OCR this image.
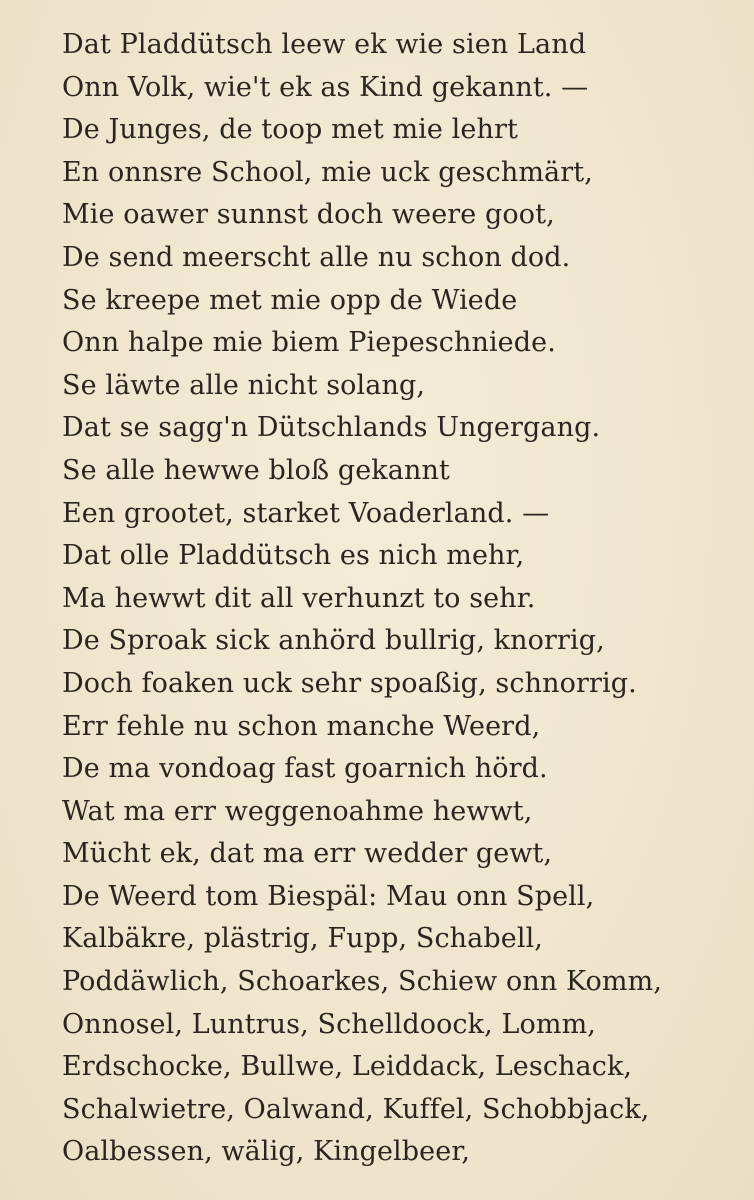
Dat Pladdütsch leew ek wie sien Land
Onn Volk, wie't ek as Kind gekannt. —
De Junges, de toop met mie lehrt
En onnsre School, mie uck geschmärt,
Mie oawer sunnst doch weere goot,
De send meerscht alle nu schon dod.
Se kreepe met mie opp de Wiede
Onn halpe mie biem Piepeschniede.
Se läwte alle nicht solang,
Dat se sagg'n Dütschlands Ungergang.
Se alle hewwe bloß gekannt
Een grootet, starket Voaderland. —
Dat olle Pladdütsch es nich mehr,
Ma hewwt dit all verhunzt to sehr.
De Sproak sick anhörd bullrig, knorrig,
Doch foaken uck sehr spoaßig, schnorrig.
Err fehle nu schon manche Weerd,
De ma vondoag fast goarnich hörd.
Wat ma err weggenoahme hewwt,
Mücht ek, dat ma err wedder gewt,
De Weerd tom Biespäl: Mau onn Spell,
Kalbäkre, plästrig, Fupp, Schabell,
Poddäwlich, Schoarkes, Schiew onn Komm,
Onnosel, Luntrus, Schelldoock, Lomm,
Erdschocke, Bullwe, Leiddack, Leschack,
Schalwietre, Oalwand, Kuffel, Schobbjack,
Oalbessen, wälig, Kingelbeer,
